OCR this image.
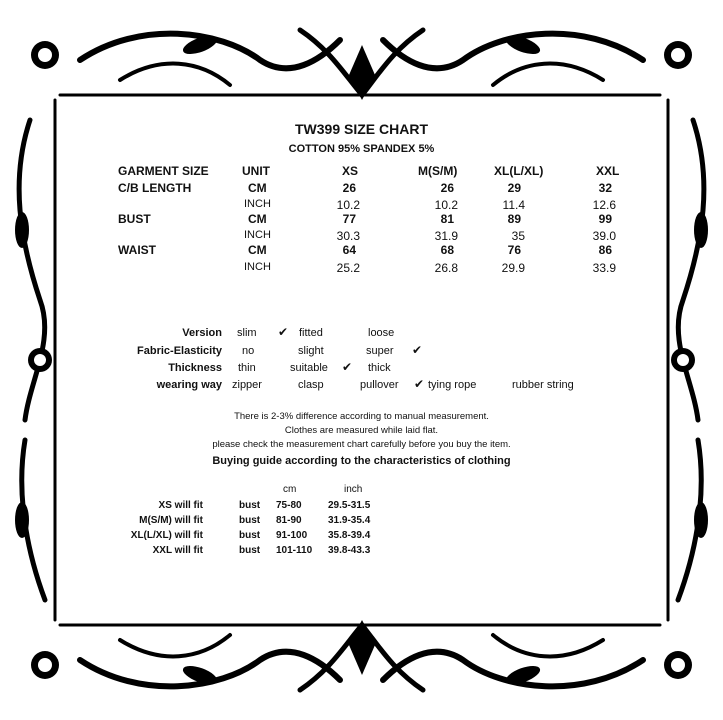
TW399 SIZE CHART
COTTON 95% SPANDEX 5%
GARMENT SIZE	UNIT	XS	M(S/M)	XL(L/XL)	XXL
C/B LENGTH	CM	26	26	29	32
INCH	10.2	10.2	11.4	12.6
BUST	CM	77	81	89	99
INCH	30.3	31.9	35	39.0
WAIST	CM	64	68	76	86
INCH	25.2	26.8	29.9	33.9
Version slim ✔ fitted	loose
Fabric-Elasticity no	slight	super ✔
Thickness thin	suitable ✔ thick
wearing way zipper	clasp	pullover ✔ tying rope	rubber string
There is 2-3% difference according to manual measurement.
Clothes are measured while laid flat.
please check the measurement chart carefully before you buy the item.
Buying guide according to the characteristics of clothing
cm	inch
XS will fit	bust 75-80	29.5-31.5
M(S/M) will fit	bust 81-90	31.9-35.4
XL(L/XL) will fit	bust 91-100 35.8-39.4
XXL will fit	bust 101-110 39.8-43.3
